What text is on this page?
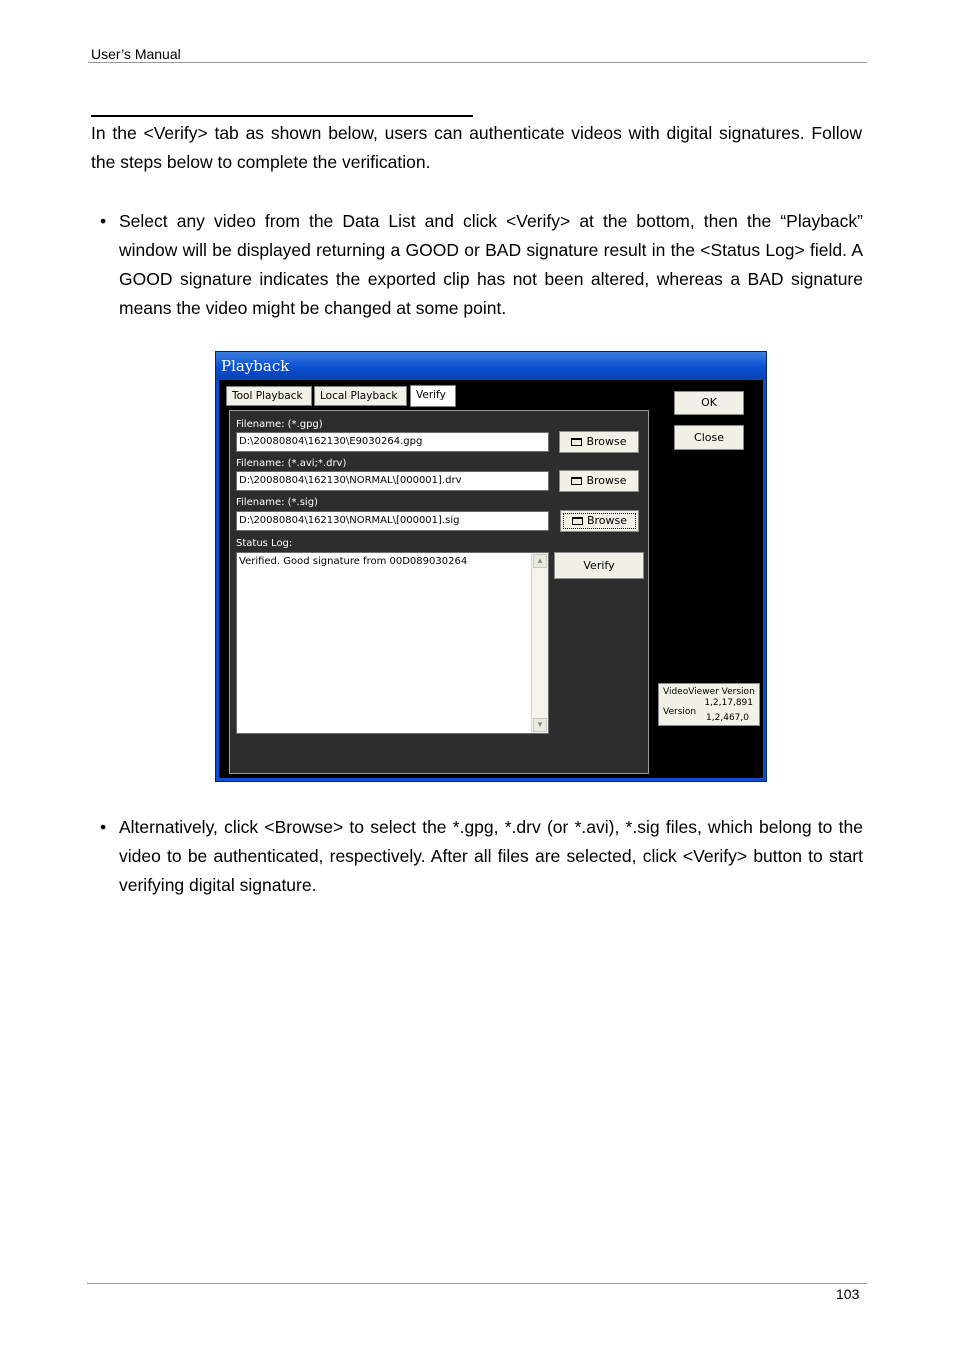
User’s Manual

In the <Verify> tab as shown below, users can authenticate videos with digital signatures. Follow the steps below to complete the verification.

• Select any video from the Data List and click <Verify> at the bottom, then the “Playback” window will be displayed returning a GOOD or BAD signature result in the <Status Log> field. A GOOD signature indicates the exported clip has not been altered, whereas a BAD signature means the video might be changed at some point.

Playback
Tool Playback	Local Playback	Verify
OK
Close
Filename: (*.gpg)
D:\20080804\162130\E9030264.gpg	Browse
Filename: (*.avi;*.drv)
D:\20080804\162130\NORMAL\[000001].drv	Browse
Filename: (*.sig)
D:\20080804\162130\NORMAL\[000001].sig	Browse
Status Log:
Verified. Good signature from 00D089030264	▲
▼
Verify
VideoViewer Version
1,2,17,891
Version
1,2,467,0
• Alternatively, click <Browse> to select the *.gpg, *.drv (or *.avi), *.sig files, which belong to the video to be authenticated, respectively. After all files are selected, click <Verify> button to start verifying digital signature.

103
